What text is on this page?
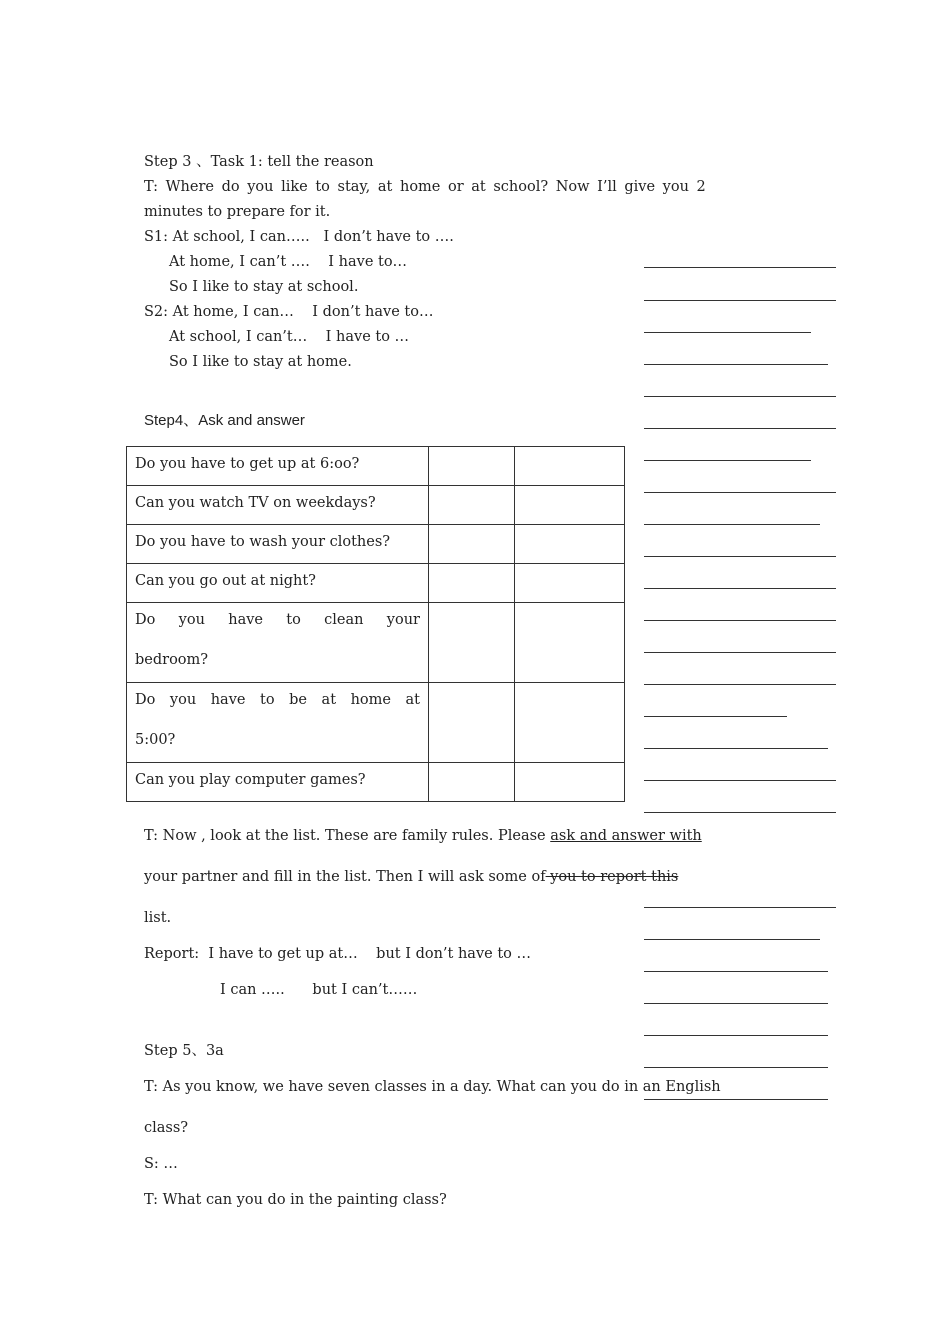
Step 3 、Task 1: tell the reason
T: Where do you like to stay, at home or at school? Now I’ll give you 2
minutes to prepare for it.
S1: At school, I can…..   I don’t have to ….
At home, I can’t ….    I have to…
So I like to stay at school.
S2: At home, I can…    I don’t have to…
At school, I can’t…    I have to …
So I like to stay at home.
Step4、Ask and answer
Do you have to get up at 6:oo?		

Can you watch TV on weekdays?		

Do you have to wash your clothes?		

Can you go out at night?		

Do you have to clean your
bedroom?		

Do you have to be at home at
5:00?		

Can you play computer games?		

T: Now , look at the list. These are family rules. Please ask and answer with
your partner and fill in the list. Then I will ask some of you to report this
list.
Report:  I have to get up at…    but I don’t have to …
I can …..      but I can’t……
Step 5、3a
T: As you know, we have seven classes in a day. What can you do in an English
class?
S: …
T: What can you do in the painting class?
